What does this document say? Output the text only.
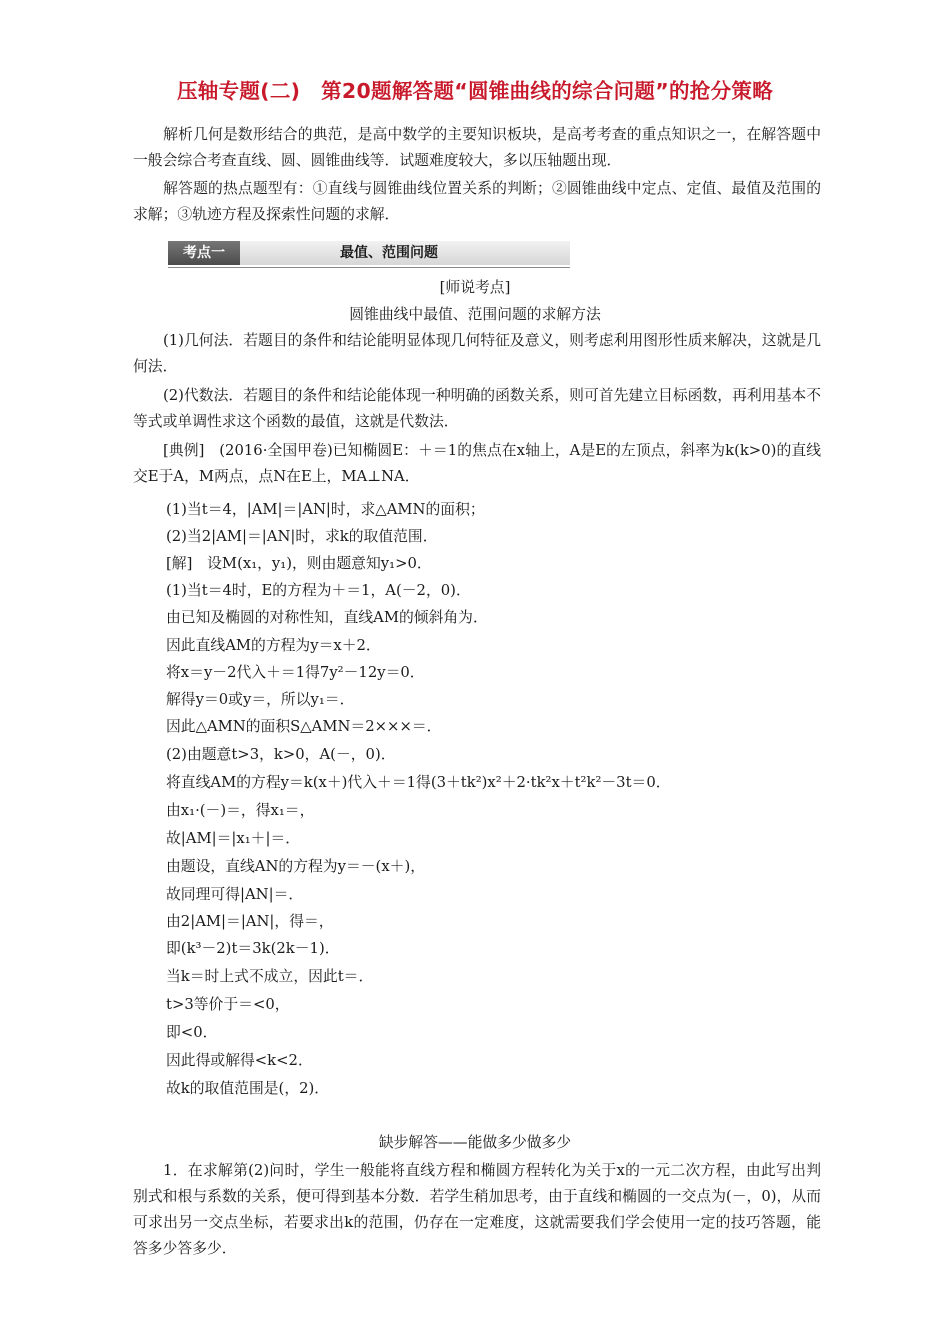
压轴专题(二)　第20题解答题“圆锥曲线的综合问题”的抢分策略
解析几何是数形结合的典范，是高中数学的主要知识板块，是高考考查的重点知识之一，在解答题中一般会综合考查直线、圆、圆锥曲线等．试题难度较大，多以压轴题出现．
解答题的热点题型有：①直线与圆锥曲线位置关系的判断；②圆锥曲线中定点、定值、最值及范围的求解；③轨迹方程及探索性问题的求解．
考点一	最值、范围问题
[师说考点]
圆锥曲线中最值、范围问题的求解方法
(1)几何法．若题目的条件和结论能明显体现几何特征及意义，则考虑利用图形性质来解决，这就是几何法．
(2)代数法．若题目的条件和结论能体现一种明确的函数关系，则可首先建立目标函数，再利用基本不等式或单调性求这个函数的最值，这就是代数法．
[典例]　(2016·全国甲卷)已知椭圆E：＋＝1的焦点在x轴上，A是E的左顶点，斜率为k(k>0)的直线交E于A，M两点，点N在E上，MA⊥NA．
(1)当t＝4，|AM|＝|AN|时，求△AMN的面积；
(2)当2|AM|＝|AN|时，求k的取值范围．
[解]　设M(x₁，y₁)，则由题意知y₁>0．
(1)当t＝4时，E的方程为＋＝1，A(－2，0)．
由已知及椭圆的对称性知，直线AM的倾斜角为．
因此直线AM的方程为y＝x＋2．
将x＝y－2代入＋＝1得7y²－12y＝0．
解得y＝0或y＝，所以y₁＝．
因此△AMN的面积S△AMN＝2×××＝．
(2)由题意t>3，k>0，A(－，0)．
将直线AM的方程y＝k(x＋)代入＋＝1得(3＋tk²)x²＋2·tk²x＋t²k²－3t＝0．
由x₁·(－)＝，得x₁＝，
故|AM|＝|x₁＋|＝．
由题设，直线AN的方程为y＝－(x＋)，
故同理可得|AN|＝．
由2|AM|＝|AN|，得＝，
即(k³－2)t＝3k(2k－1)．
当k＝时上式不成立，因此t＝．
t>3等价于＝<0，
即<0．
因此得或解得<k<2．
故k的取值范围是(，2)．
缺步解答——能做多少做多少
1．在求解第(2)问时，学生一般能将直线方程和椭圆方程转化为关于x的一元二次方程，由此写出判别式和根与系数的关系，便可得到基本分数．若学生稍加思考，由于直线和椭圆的一交点为(－，0)，从而可求出另一交点坐标，若要求出k的范围，仍存在一定难度，这就需要我们学会使用一定的技巧答题，能答多少答多少．
